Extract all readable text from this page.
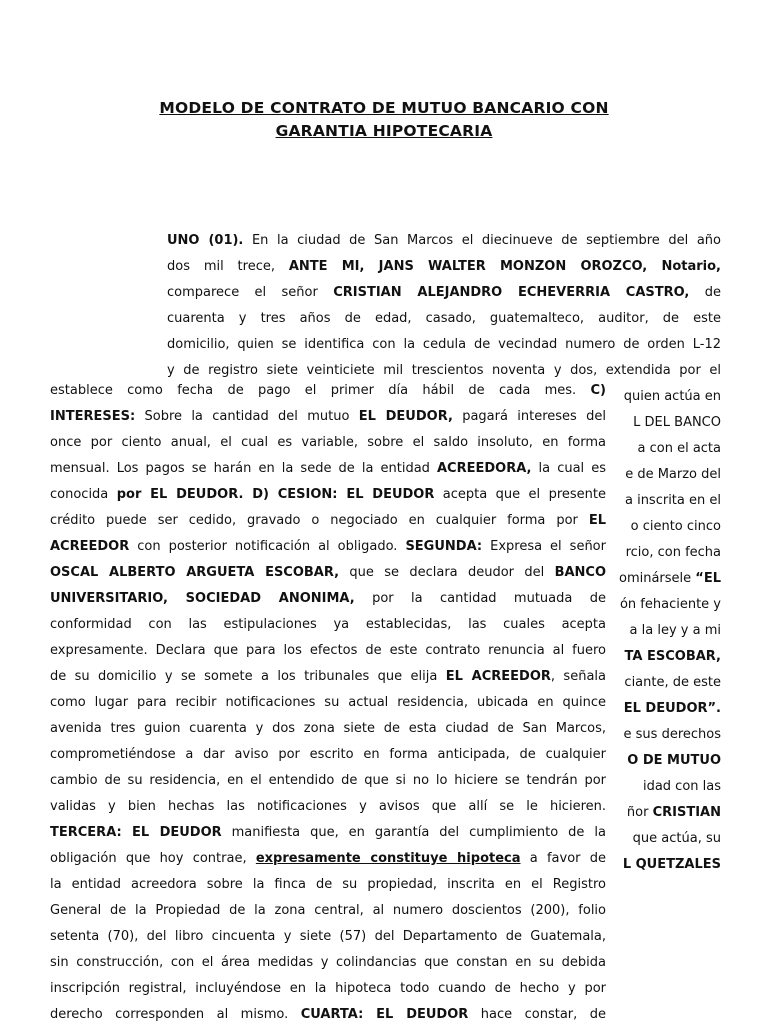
MODELO DE CONTRATO DE MUTUO BANCARIO CON
GARANTIA HIPOTECARIA
UNO (01). En la ciudad de San Marcos el diecinueve de septiembre del año
dos mil trece, ANTE MI, JANS WALTER MONZON OROZCO, Notario,
comparece el señor CRISTIAN ALEJANDRO ECHEVERRIA CASTRO, de
cuarenta y tres años de edad, casado, guatemalteco, auditor, de este
domicilio, quien se identifica con la cedula de vecindad numero de orden L-12
y de registro siete veinticiete mil trescientos noventa y dos, extendida por el
quien actúa en
L DEL BANCO
a con el acta
e de Marzo del
a inscrita en el
o ciento cinco
rcio, con fecha
ominársele “EL
ón fehaciente y
a la ley y a mi
TA ESCOBAR,
ciante, de este
EL DEUDOR”.
e sus derechos
O DE MUTUO
idad con las
ñor CRISTIAN
que actúa, su
L QUETZALES
establece como fecha de pago el primer día hábil de cada mes. C)
INTERESES: Sobre la cantidad del mutuo EL DEUDOR, pagará intereses del
once por ciento anual, el cual es variable, sobre el saldo insoluto, en forma
mensual. Los pagos se harán en la sede de la entidad ACREEDORA, la cual es
conocida por EL DEUDOR. D) CESION: EL DEUDOR acepta que el presente
crédito puede ser cedido, gravado o negociado en cualquier forma por EL
ACREEDOR con posterior notificación al obligado. SEGUNDA: Expresa el señor
OSCAL ALBERTO ARGUETA ESCOBAR, que se declara deudor del BANCO
UNIVERSITARIO, SOCIEDAD ANONIMA, por la cantidad mutuada de
conformidad con las estipulaciones ya establecidas, las cuales acepta
expresamente. Declara que para los efectos de este contrato renuncia al fuero
de su domicilio y se somete a los tribunales que elija EL ACREEDOR, señala
como lugar para recibir notificaciones su actual residencia, ubicada en quince
avenida tres guion cuarenta y dos zona siete de esta ciudad de San Marcos,
comprometiéndose a dar aviso por escrito en forma anticipada, de cualquier
cambio de su residencia, en el entendido de que si no lo hiciere se tendrán por
validas y bien hechas las notificaciones y avisos que allí se le hicieren.
TERCERA: EL DEUDOR manifiesta que, en garantía del cumplimiento de la
obligación que hoy contrae, expresamente constituye hipoteca a favor de
la entidad acreedora sobre la finca de su propiedad, inscrita en el Registro
General de la Propiedad de la zona central, al numero doscientos (200), folio
setenta (70), del libro cincuenta y siete (57) del Departamento de Guatemala,
sin construcción, con el área medidas y colindancias que constan en su debida
inscripción registral, incluyéndose en la hipoteca todo cuando de hecho y por
derecho corresponden al mismo. CUARTA: EL DEUDOR hace constar, de
